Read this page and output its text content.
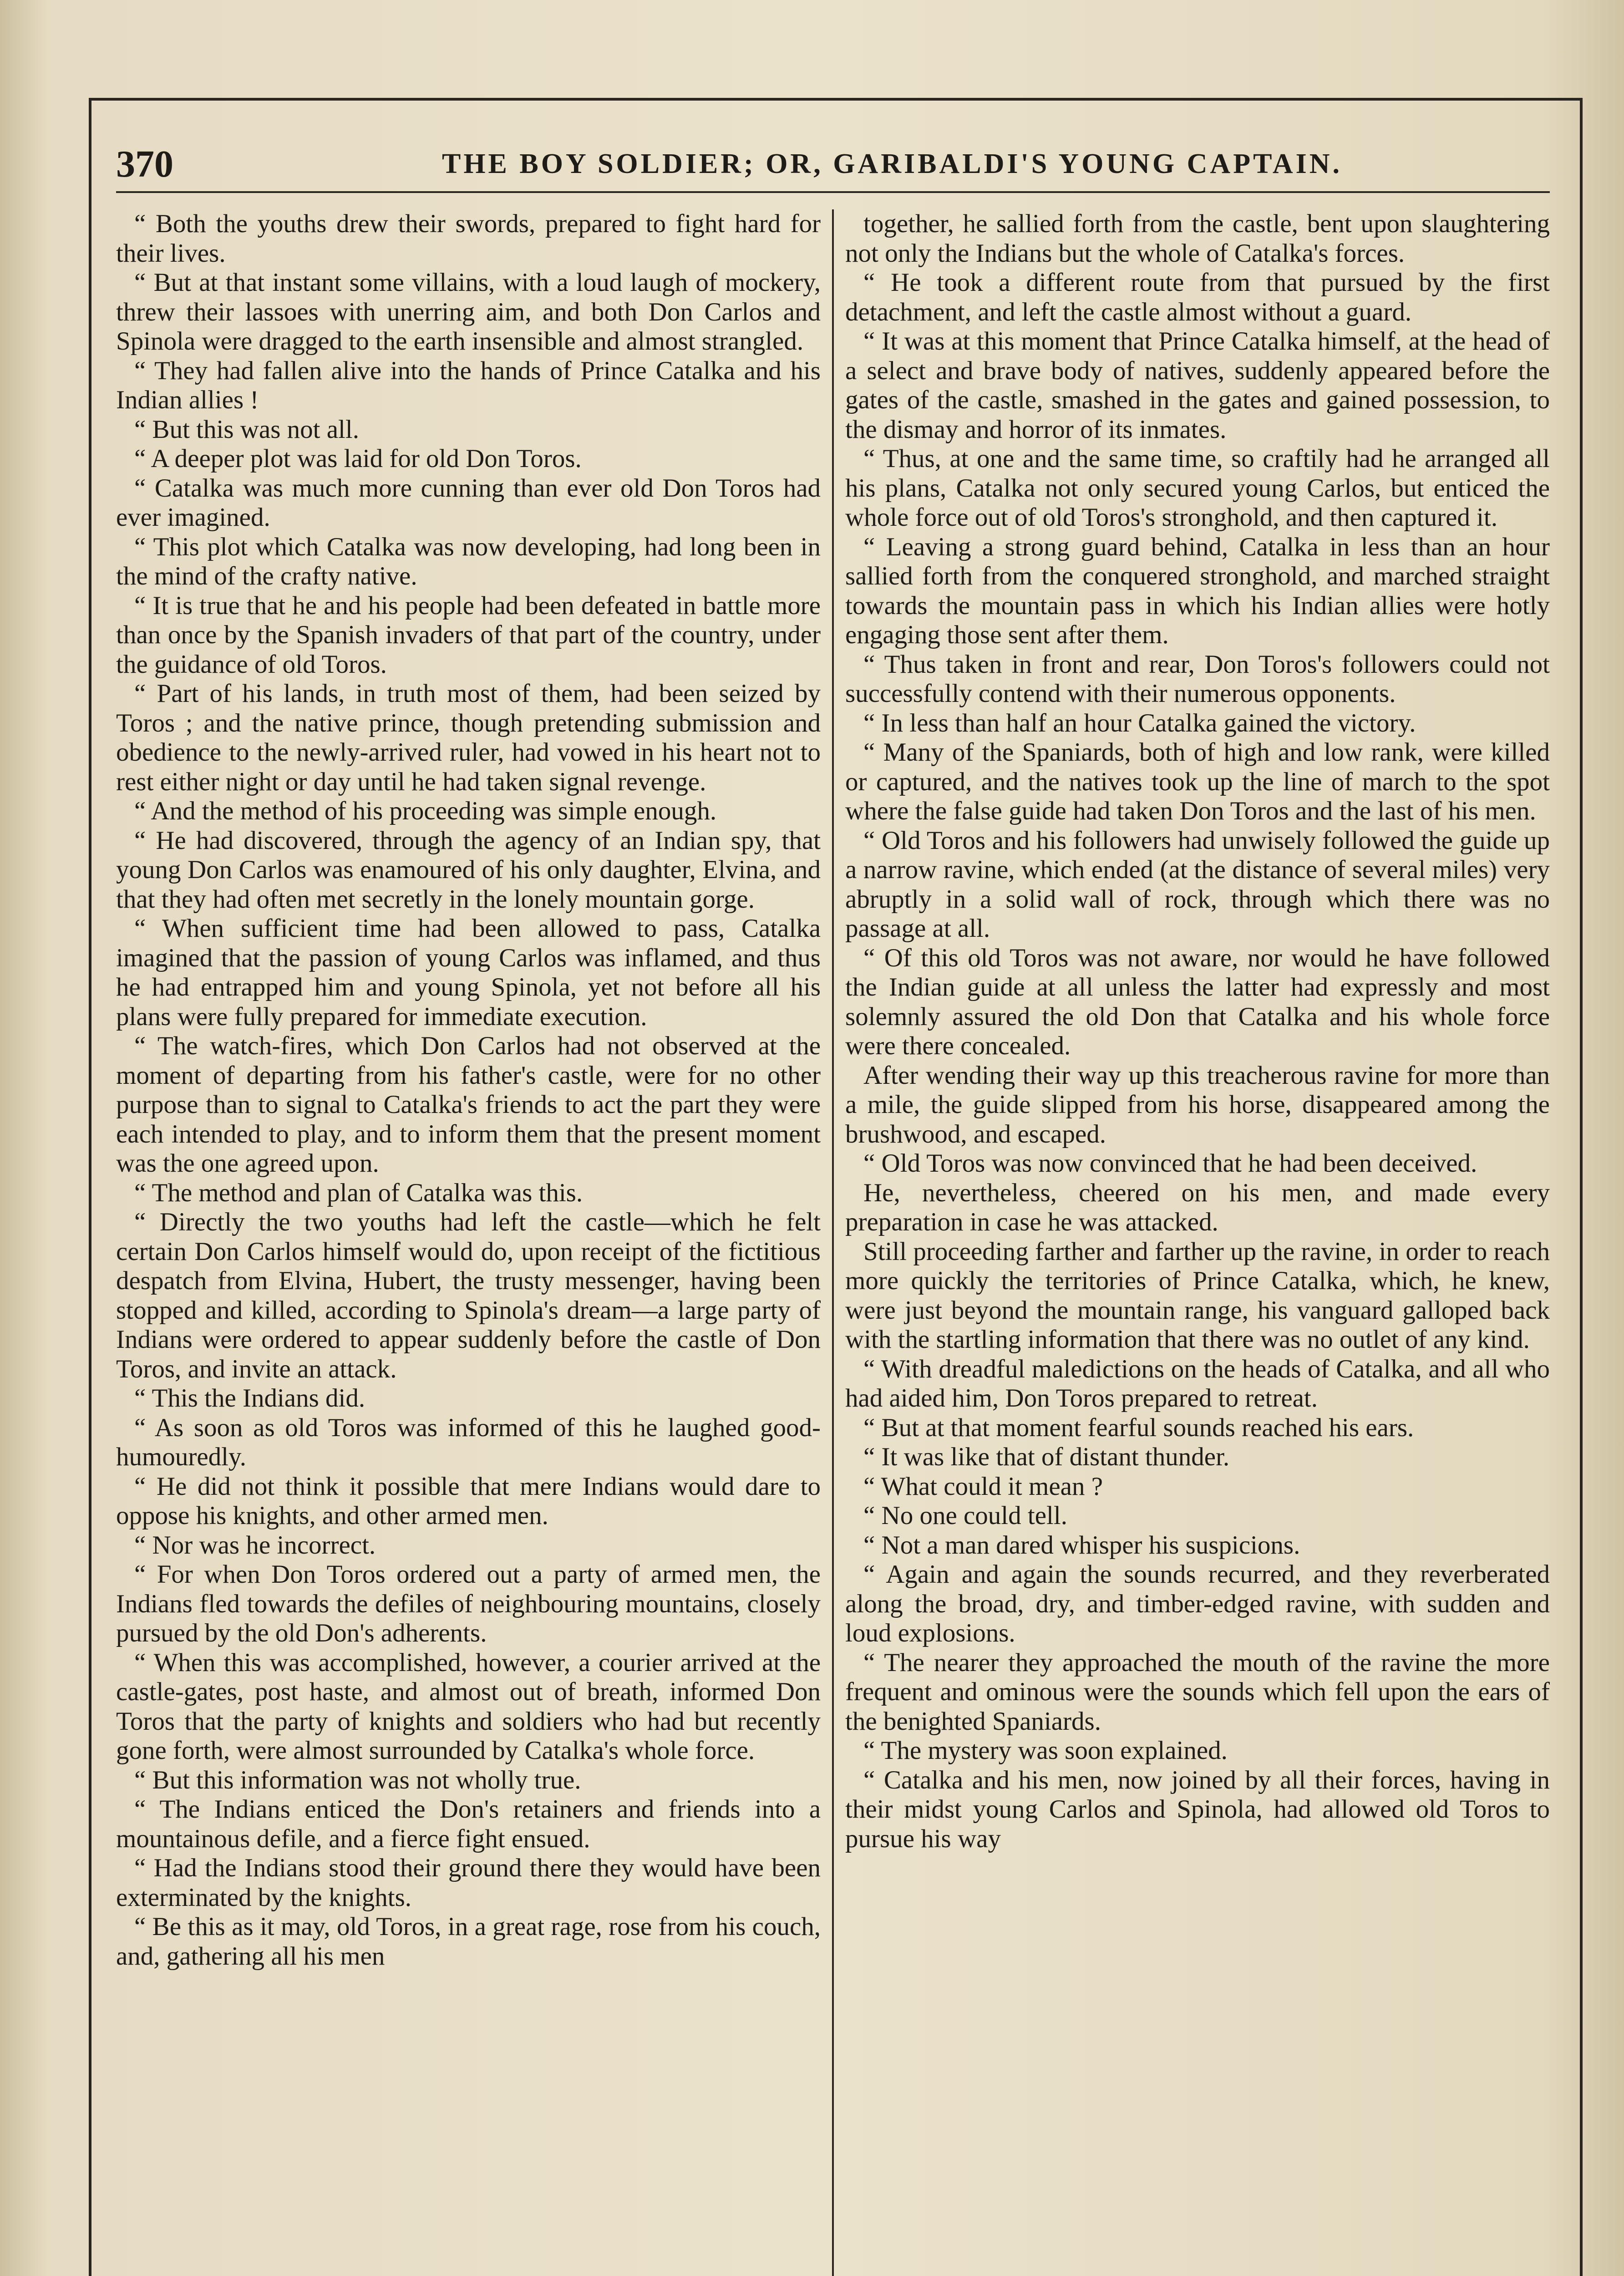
370	THE BOY SOLDIER; OR, GARIBALDI'S YOUNG CAPTAIN.

“ Both the youths drew their swords, prepared to fight hard for their lives.

“ But at that instant some villains, with a loud laugh of mockery, threw their lassoes with unerring aim, and both Don Carlos and Spinola were dragged to the earth insensible and almost strangled.

“ They had fallen alive into the hands of Prince Catalka and his Indian allies !

“ But this was not all.

“ A deeper plot was laid for old Don Toros.

“ Catalka was much more cunning than ever old Don Toros had ever imagined.

“ This plot which Catalka was now developing, had long been in the mind of the crafty native.

“ It is true that he and his people had been defeated in battle more than once by the Spanish invaders of that part of the country, under the guidance of old Toros.

“ Part of his lands, in truth most of them, had been seized by Toros ; and the native prince, though pretending submission and obedience to the newly-arrived ruler, had vowed in his heart not to rest either night or day until he had taken signal revenge.

“ And the method of his proceeding was simple enough.

“ He had discovered, through the agency of an Indian spy, that young Don Carlos was enamoured of his only daughter, Elvina, and that they had often met secretly in the lonely mountain gorge.

“ When sufficient time had been allowed to pass, Catalka imagined that the passion of young Carlos was inflamed, and thus he had entrapped him and young Spinola, yet not before all his plans were fully prepared for immediate execution.

“ The watch-fires, which Don Carlos had not observed at the moment of departing from his father's castle, were for no other purpose than to signal to Catalka's friends to act the part they were each intended to play, and to inform them that the present moment was the one agreed upon.

“ The method and plan of Catalka was this.

“ Directly the two youths had left the castle—which he felt certain Don Carlos himself would do, upon receipt of the fictitious despatch from Elvina, Hubert, the trusty messenger, having been stopped and killed, according to Spinola's dream—a large party of Indians were ordered to appear suddenly before the castle of Don Toros, and invite an attack.

“ This the Indians did.

“ As soon as old Toros was informed of this he laughed good-humouredly.

“ He did not think it possible that mere Indians would dare to oppose his knights, and other armed men.

“ Nor was he incorrect.

“ For when Don Toros ordered out a party of armed men, the Indians fled towards the defiles of neighbouring mountains, closely pursued by the old Don's adherents.

“ When this was accomplished, however, a courier arrived at the castle-gates, post haste, and almost out of breath, informed Don Toros that the party of knights and soldiers who had but recently gone forth, were almost surrounded by Catalka's whole force.

“ But this information was not wholly true.

“ The Indians enticed the Don's retainers and friends into a mountainous defile, and a fierce fight ensued.

“ Had the Indians stood their ground there they would have been exterminated by the knights.

“ Be this as it may, old Toros, in a great rage, rose from his couch, and, gathering all his men

together, he sallied forth from the castle, bent upon slaughtering not only the Indians but the whole of Catalka's forces.

“ He took a different route from that pursued by the first detachment, and left the castle almost without a guard.

“ It was at this moment that Prince Catalka himself, at the head of a select and brave body of natives, suddenly appeared before the gates of the castle, smashed in the gates and gained possession, to the dismay and horror of its inmates.

“ Thus, at one and the same time, so craftily had he arranged all his plans, Catalka not only secured young Carlos, but enticed the whole force out of old Toros's stronghold, and then captured it.

“ Leaving a strong guard behind, Catalka in less than an hour sallied forth from the conquered stronghold, and marched straight towards the mountain pass in which his Indian allies were hotly engaging those sent after them.

“ Thus taken in front and rear, Don Toros's followers could not successfully contend with their numerous opponents.

“ In less than half an hour Catalka gained the victory.

“ Many of the Spaniards, both of high and low rank, were killed or captured, and the natives took up the line of march to the spot where the false guide had taken Don Toros and the last of his men.

“ Old Toros and his followers had unwisely followed the guide up a narrow ravine, which ended (at the distance of several miles) very abruptly in a solid wall of rock, through which there was no passage at all.

“ Of this old Toros was not aware, nor would he have followed the Indian guide at all unless the latter had expressly and most solemnly assured the old Don that Catalka and his whole force were there concealed.

After wending their way up this treacherous ravine for more than a mile, the guide slipped from his horse, disappeared among the brushwood, and escaped.

“ Old Toros was now convinced that he had been deceived.

He, nevertheless, cheered on his men, and made every preparation in case he was attacked.

Still proceeding farther and farther up the ravine, in order to reach more quickly the territories of Prince Catalka, which, he knew, were just beyond the mountain range, his vanguard galloped back with the startling information that there was no outlet of any kind.

“ With dreadful maledictions on the heads of Catalka, and all who had aided him, Don Toros prepared to retreat.

“ But at that moment fearful sounds reached his ears.

“ It was like that of distant thunder.

“ What could it mean ?

“ No one could tell.

“ Not a man dared whisper his suspicions.

“ Again and again the sounds recurred, and they reverberated along the broad, dry, and timber-edged ravine, with sudden and loud explosions.

“ The nearer they approached the mouth of the ravine the more frequent and ominous were the sounds which fell upon the ears of the benighted Spaniards.

“ The mystery was soon explained.

“ Catalka and his men, now joined by all their forces, having in their midst young Carlos and Spinola, had allowed old Toros to pursue his way
